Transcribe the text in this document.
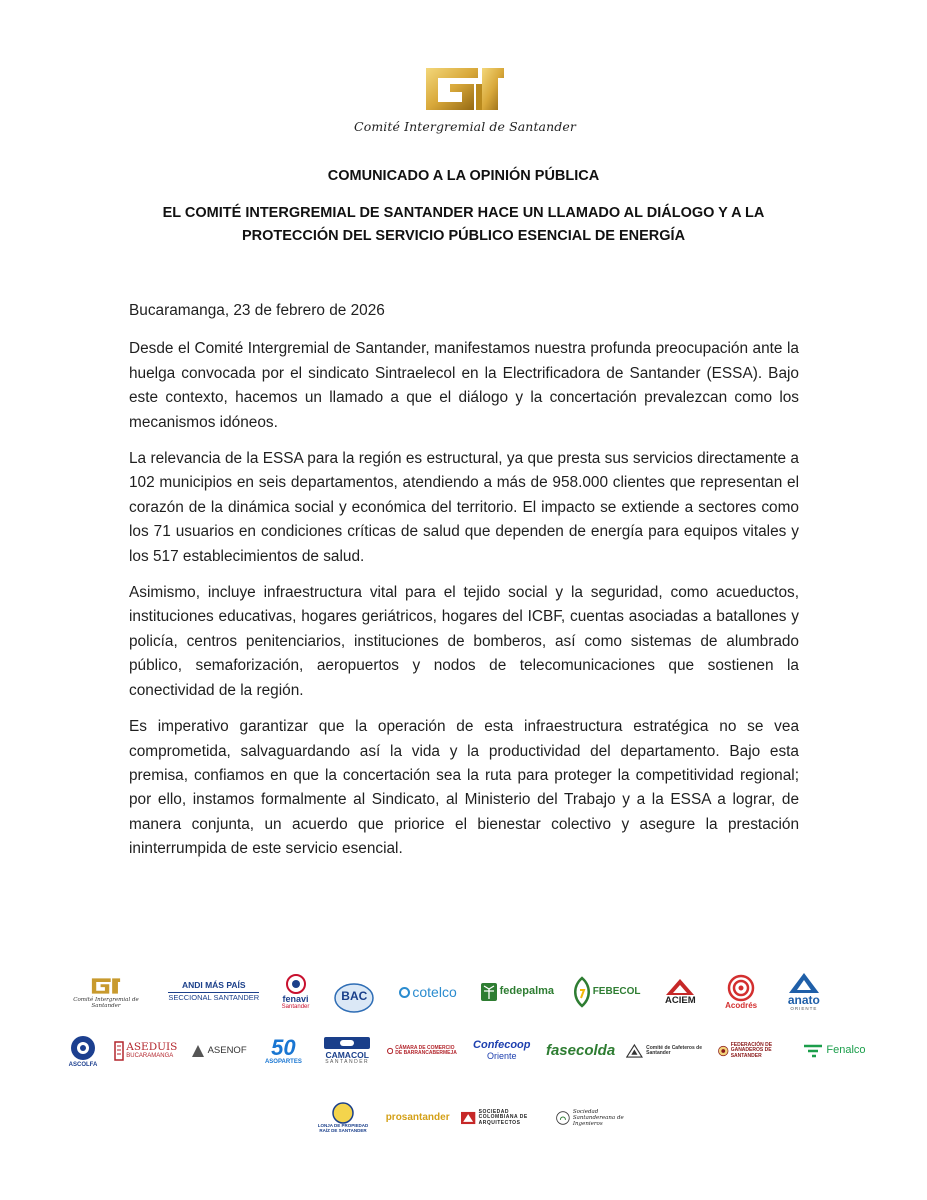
Comité Intergremial de Santander
COMUNICADO A LA OPINIÓN PÚBLICA
EL COMITÉ INTERGREMIAL DE SANTANDER HACE UN LLAMADO AL DIÁLOGO Y A LA PROTECCIÓN DEL SERVICIO PÚBLICO ESENCIAL DE ENERGÍA

Bucaramanga, 23 de febrero de 2026

Desde el Comité Intergremial de Santander, manifestamos nuestra profunda preocupación ante la huelga convocada por el sindicato Sintraelecol en la Electrificadora de Santander (ESSA). Bajo este contexto, hacemos un llamado a que el diálogo y la concertación prevalezcan como los mecanismos idóneos.

La relevancia de la ESSA para la región es estructural, ya que presta sus servicios directamente a 102 municipios en seis departamentos, atendiendo a más de 958.000 clientes que representan el corazón de la dinámica social y económica del territorio. El impacto se extiende a sectores como los 71 usuarios en condiciones críticas de salud que dependen de energía para equipos vitales y los 517 establecimientos de salud.

Asimismo, incluye infraestructura vital para el tejido social y la seguridad, como acueductos, instituciones educativas, hogares geriátricos, hogares del ICBF, cuentas asociadas a batallones y policía, centros penitenciarios, instituciones de bomberos, así como sistemas de alumbrado público, semaforización, aeropuertos y nodos de telecomunicaciones que sostienen la conectividad de la región.

Es imperativo garantizar que la operación de esta infraestructura estratégica no se vea comprometida, salvaguardando así la vida y la productividad del departamento. Bajo esta premisa, confiamos en que la concertación sea la ruta para proteger la competitividad regional; por ello, instamos formalmente al Sindicato, al Ministerio del Trabajo y a la ESSA a lograr, de manera conjunta, un acuerdo que priorice el bienestar colectivo y asegure la prestación ininterrumpida de este servicio esencial.

Comité Intergremial de Santander
ANDI MÁS PAÍS
SECCIONAL SANTANDER	fenavi
Santander
BAC	cotelco	fedepalma	FEBECOL
ACIEM	Acodrés	anato
ORIENTE
ASCOLFA
ASEDUIS
BUCARAMANGA
ASENOF 50
ASOPARTES
CAMACOL
SANTANDER
CÁMARA DE COMERCIO DE BARRANCABERMEJA
Confecoop
Oriente fasecolda	Comité de Cafeteros de Santander
FEDERACIÓN DE GANADEROS DE SANTANDER	Fenalco
LONJA DE PROPIEDAD RAÍZ DE SANTANDER
prosantander	SOCIEDAD COLOMBIANA DE ARQUITECTOS
Sociedad Santandereana de Ingenieros
